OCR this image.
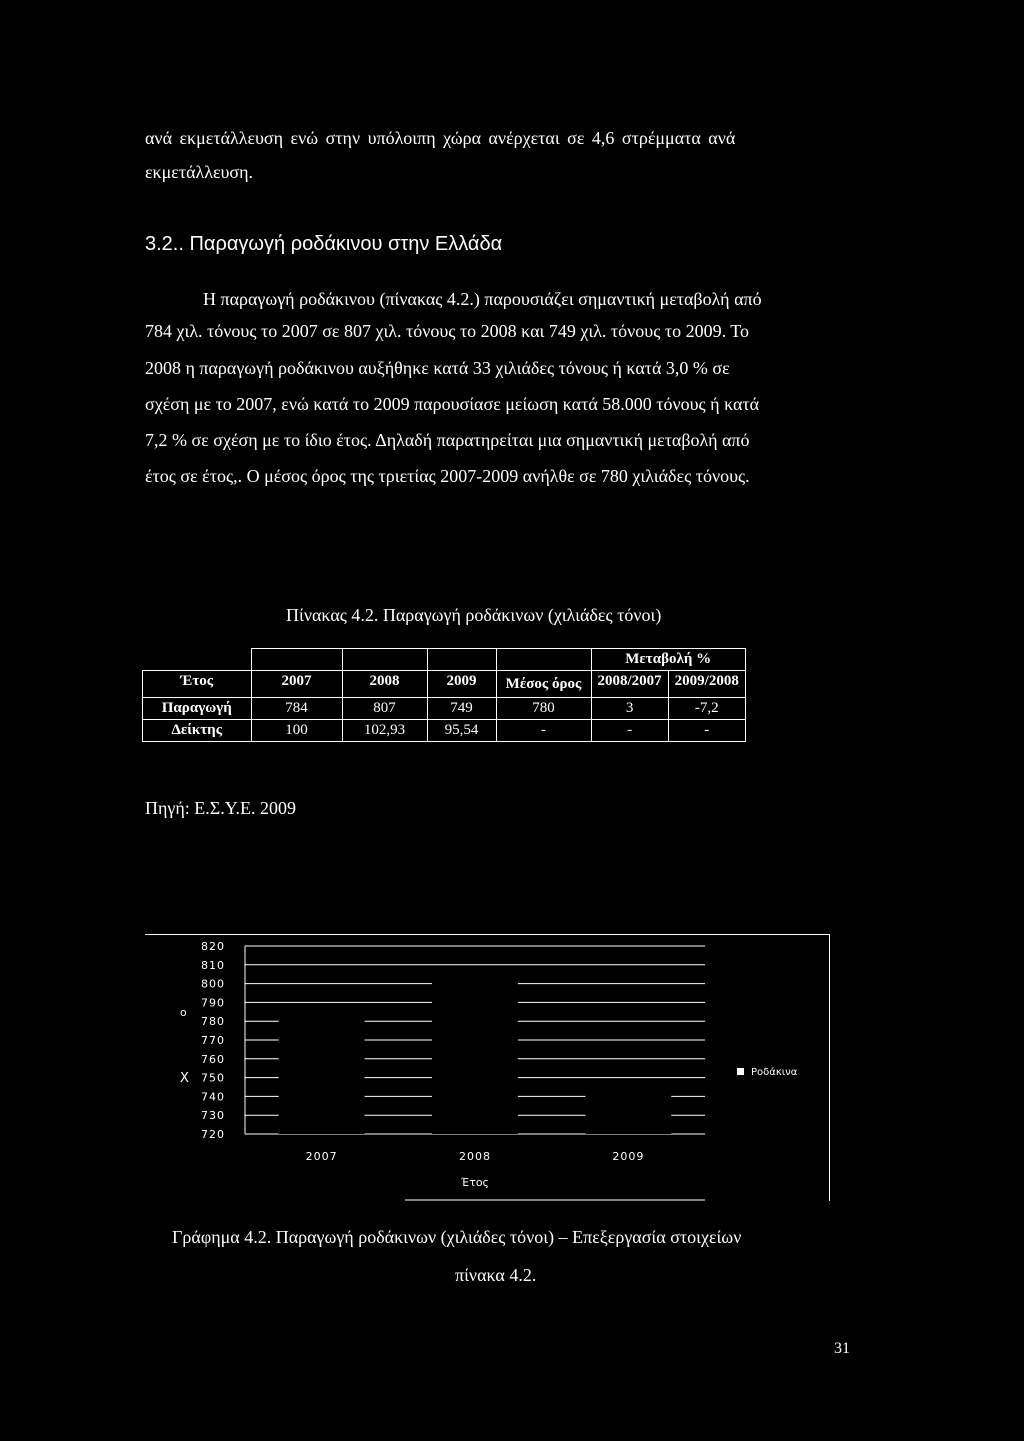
ανά εκμετάλλευση ενώ στην υπόλοιπη χώρα ανέρχεται σε 4,6 στρέμματα ανά
εκμετάλλευση.
3.2.. Παραγωγή ροδάκινου στην Ελλάδα
Η παραγωγή ροδάκινου (πίνακας 4.2.) παρουσιάζει σημαντική μεταβολή από
784 χιλ. τόνους το 2007 σε 807 χιλ. τόνους το 2008 και 749 χιλ. τόνους το 2009. Το
2008 η παραγωγή ροδάκινου αυξήθηκε κατά 33 χιλιάδες τόνους ή κατά 3,0 % σε
σχέση με το 2007, ενώ κατά το 2009 παρουσίασε μείωση κατά 58.000 τόνους ή κατά
7,2 % σε σχέση με το ίδιο έτος. Δηλαδή παρατηρείται μια σημαντική μεταβολή από
έτος σε έτος,. Ο μέσος όρος της τριετίας 2007-2009 ανήλθε σε 780 χιλιάδες τόνους.
Πίνακας 4.2. Παραγωγή ροδάκινων (χιλιάδες τόνοι)
					Μεταβολή %	
Έτος	2007	2008	2009	Μέσος όρος	2008/2007	2009/2008
Παραγωγή	784	807	749	780	3	-7,2
Δείκτης	100	102,93	95,54	-	-	-
Πηγή: Ε.Σ.Υ.Ε. 2009
820
810
800
790
780
770
760
750
740
730
720
Χ
ο
2007	2008	2009
Έτος
Ροδάκινα
Γράφημα 4.2. Παραγωγή ροδάκινων (χιλιάδες τόνοι) – Επεξεργασία στοιχείων
πίνακα 4.2.
31
